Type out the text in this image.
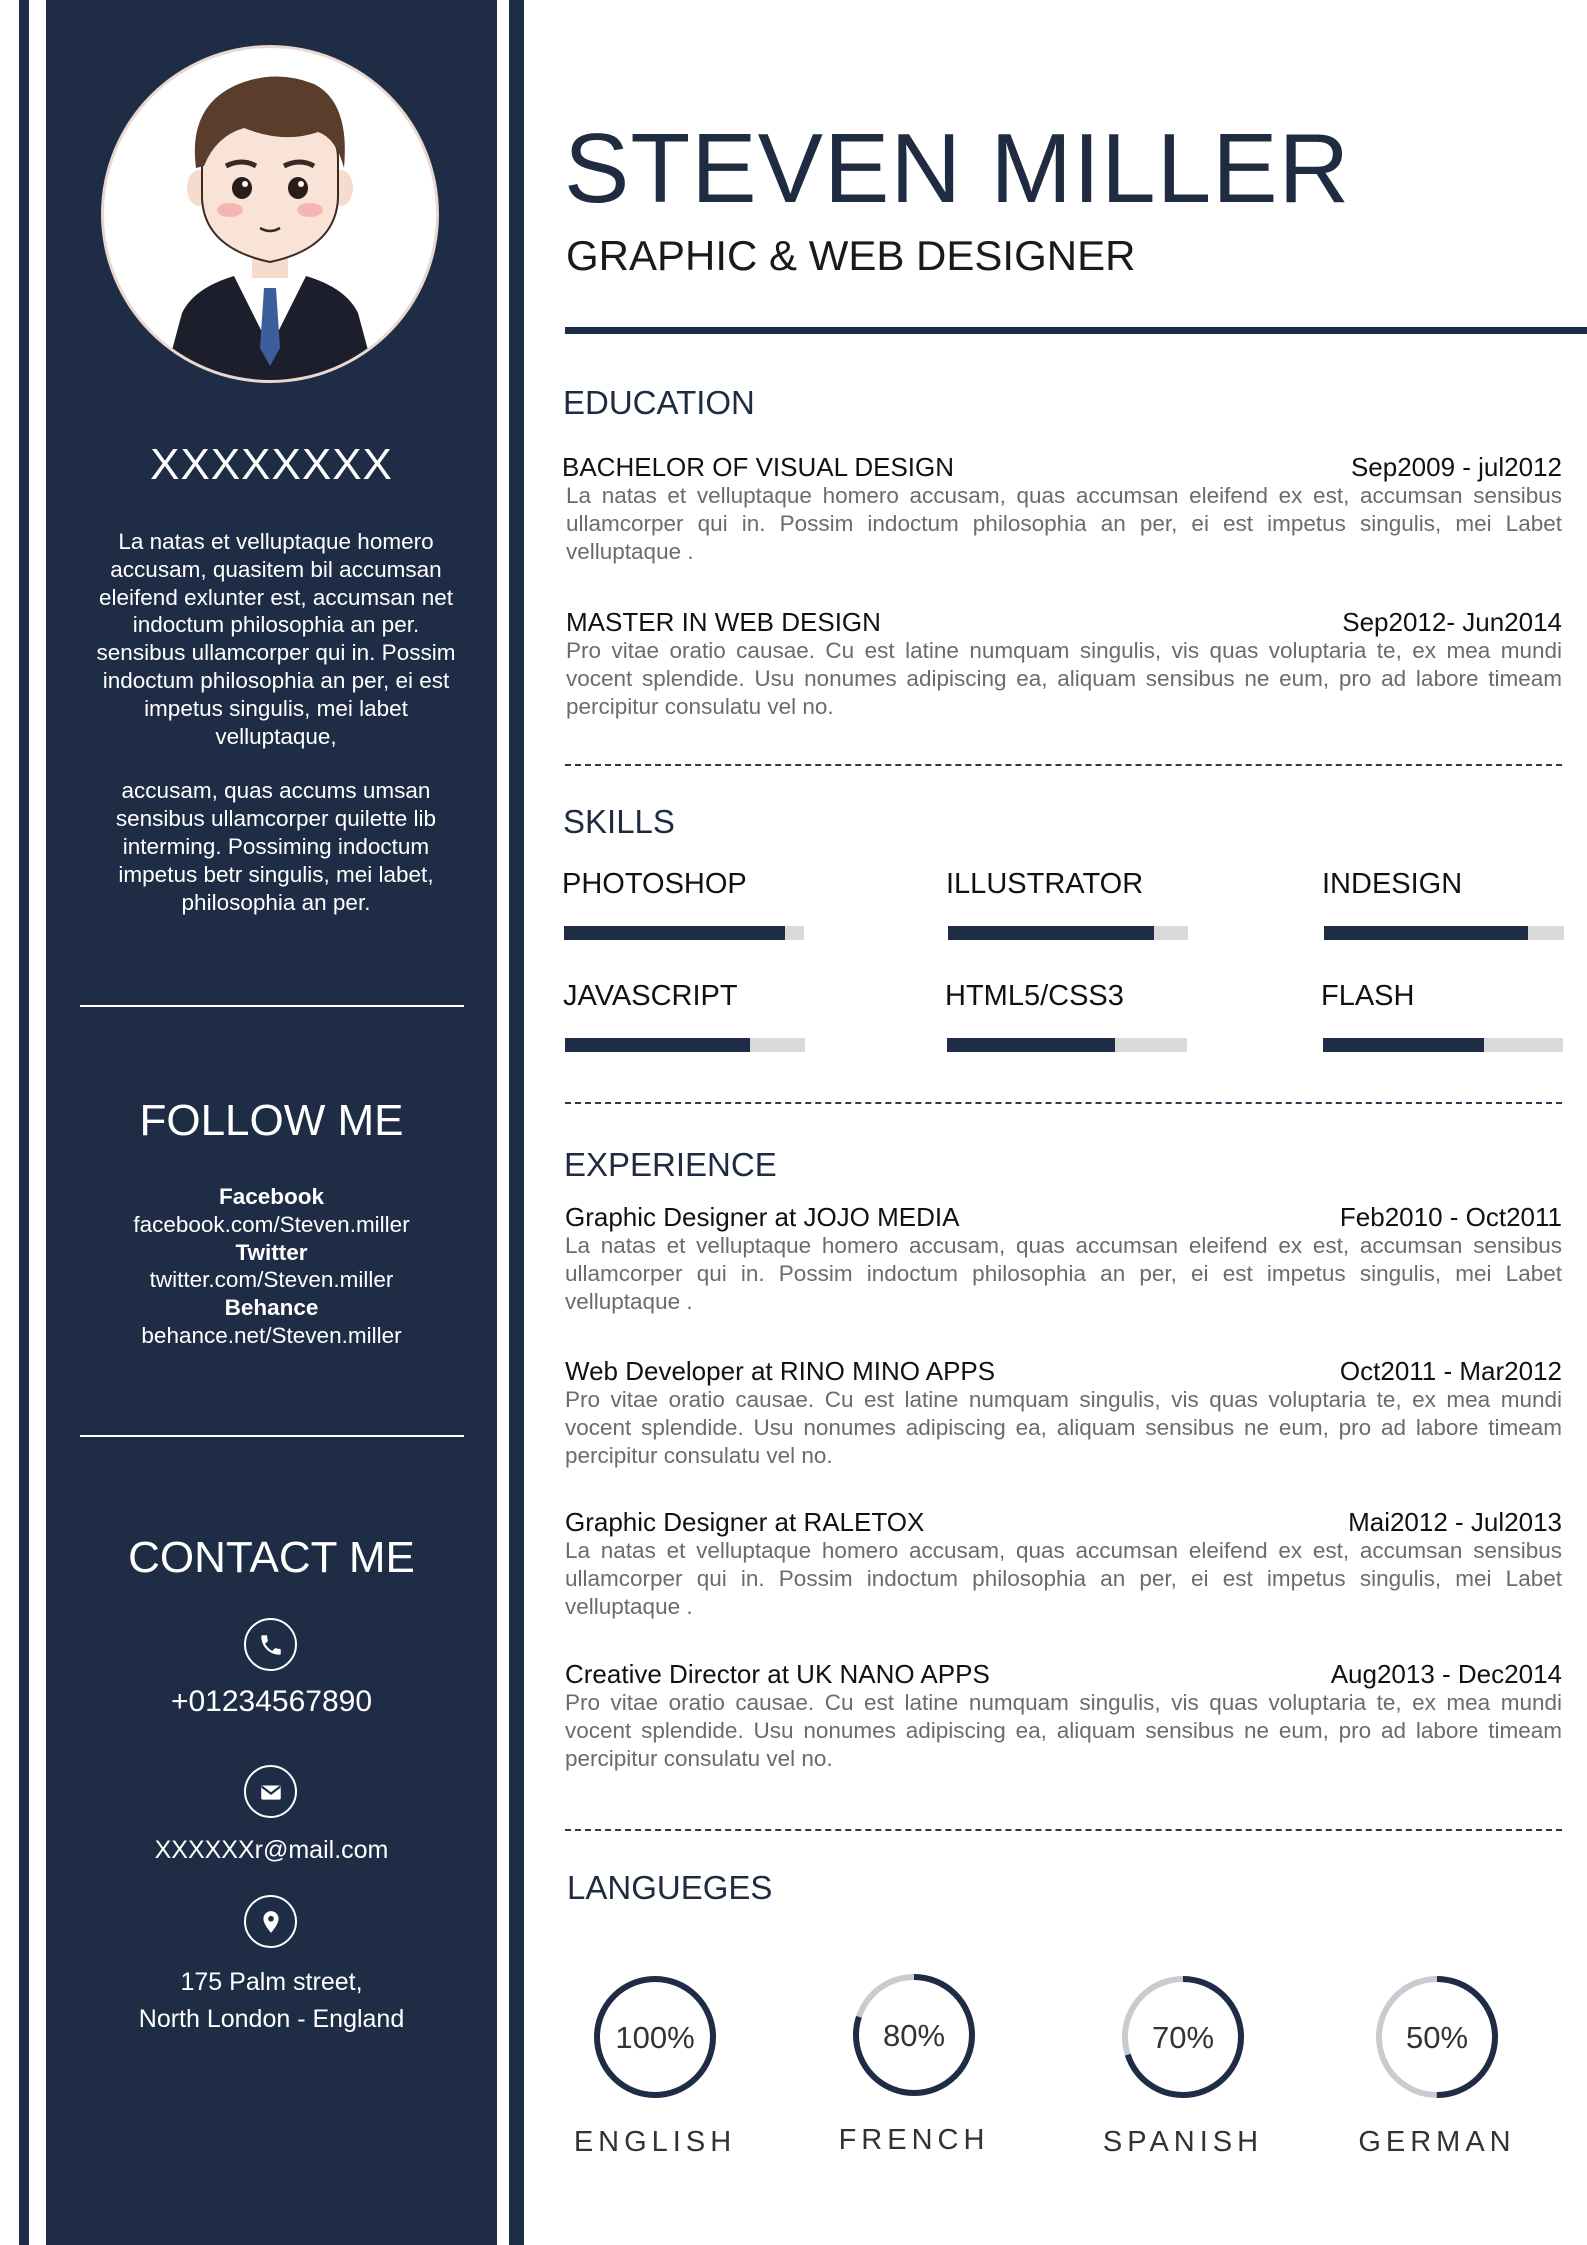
XXXXXXXX

La natas et velluptaque homero accusam, quasitem bil accumsan eleifend exlunter est, accumsan net indoctum philosophia an per. sensibus ullamcorper qui in. Possim indoctum philosophia an per, ei est impetus singulis, mei labet velluptaque,

accusam, quas accums umsan sensibus ullamcorper quilette lib interming. Possiming indoctum impetus betr singulis, mei labet, philosophia an per.

FOLLOW ME
Facebook
facebook.com/Steven.miller
Twitter
twitter.com/Steven.miller
Behance
behance.net/Steven.miller
CONTACT ME
+01234567890
XXXXXXr@mail.com
175 Palm street,
North London - England
STEVEN MILLER
GRAPHIC & WEB DESIGNER
EDUCATION
BACHELOR OF VISUAL DESIGN	Sep2009 - jul2012
La natas et velluptaque homero accusam, quas accumsan eleifend ex est, accumsan sensibus ullamcorper qui in. Possim indoctum philosophia an per, ei est impetus singulis, mei Labet velluptaque .
MASTER IN WEB DESIGN	Sep2012- Jun2014
Pro vitae oratio causae. Cu est latine numquam singulis, vis quas voluptaria te, ex mea mundi vocent splendide. Usu nonumes adipiscing ea, aliquam sensibus ne eum, pro ad labore timeam percipitur consulatu vel no.
SKILLS
PHOTOSHOP	ILLUSTRATOR	INDESIGN
JAVASCRIPT	HTML5/CSS3	FLASH
EXPERIENCE
Graphic Designer at JOJO MEDIA	Feb2010 - Oct2011
La natas et velluptaque homero accusam, quas accumsan eleifend ex est, accumsan sensibus ullamcorper qui in. Possim indoctum philosophia an per, ei est impetus singulis, mei Labet velluptaque .
Web Developer at RINO MINO APPS	Oct2011 - Mar2012
Pro vitae oratio causae. Cu est latine numquam singulis, vis quas voluptaria te, ex mea mundi vocent splendide. Usu nonumes adipiscing ea, aliquam sensibus ne eum, pro ad labore timeam percipitur consulatu vel no.
Graphic Designer at RALETOX	Mai2012 - Jul2013
La natas et velluptaque homero accusam, quas accumsan eleifend ex est, accumsan sensibus ullamcorper qui in. Possim indoctum philosophia an per, ei est impetus singulis, mei Labet velluptaque .
Creative Director at UK NANO APPS	Aug2013 - Dec2014
Pro vitae oratio causae. Cu est latine numquam singulis, vis quas voluptaria te, ex mea mundi vocent splendide. Usu nonumes adipiscing ea, aliquam sensibus ne eum, pro ad labore timeam percipitur consulatu vel no.
LANGUEGES
100%
ENGLISH
80%
FRENCH
70%
SPANISH
50%
GERMAN
